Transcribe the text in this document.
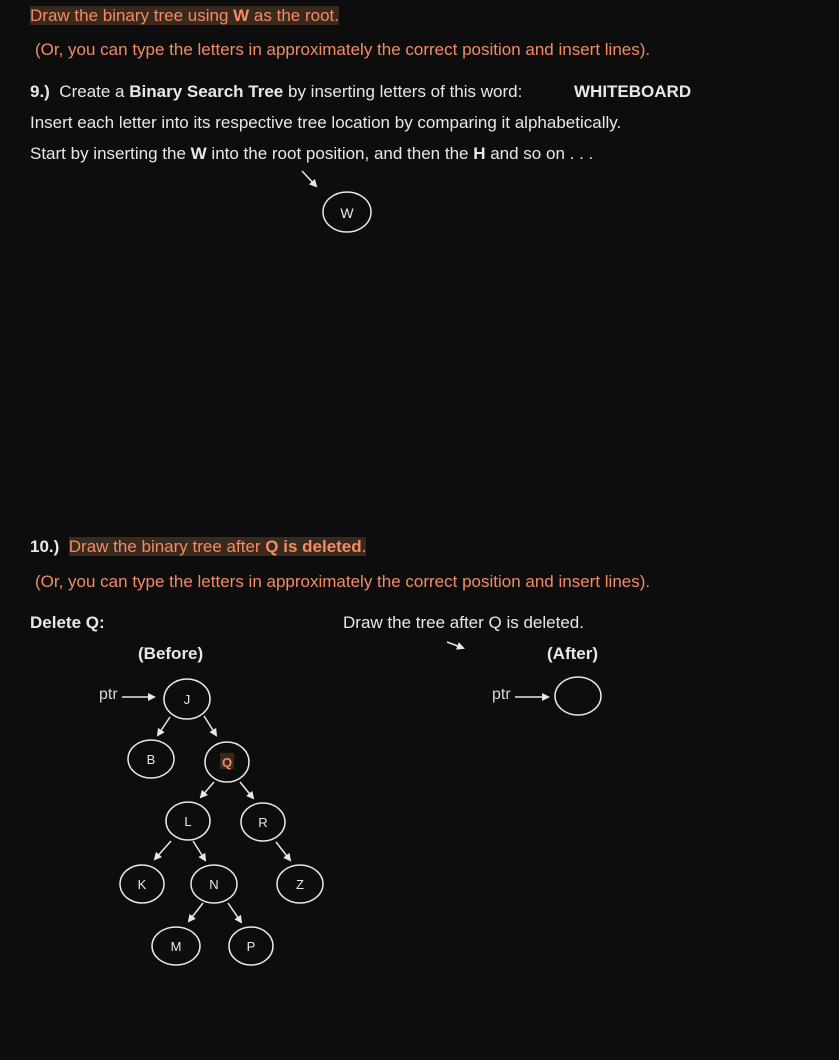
Draw the binary tree using W as the root.
(Or, you can type the letters in approximately the correct position and insert lines).
9.) Create a Binary Search Tree by inserting letters of this word:	WHITEBOARD
Insert each letter into its respective tree location by comparing it alphabetically.
Start by inserting the W into the root position, and then the H and so on . . .
W
J
B	Q
L	R
K	N	Z
M	P
10.) Draw the binary tree after Q is deleted.
(Or, you can type the letters in approximately the correct position and insert lines).
Delete Q:	Draw the tree after Q is deleted.
(Before)	(After)
ptr	ptr
